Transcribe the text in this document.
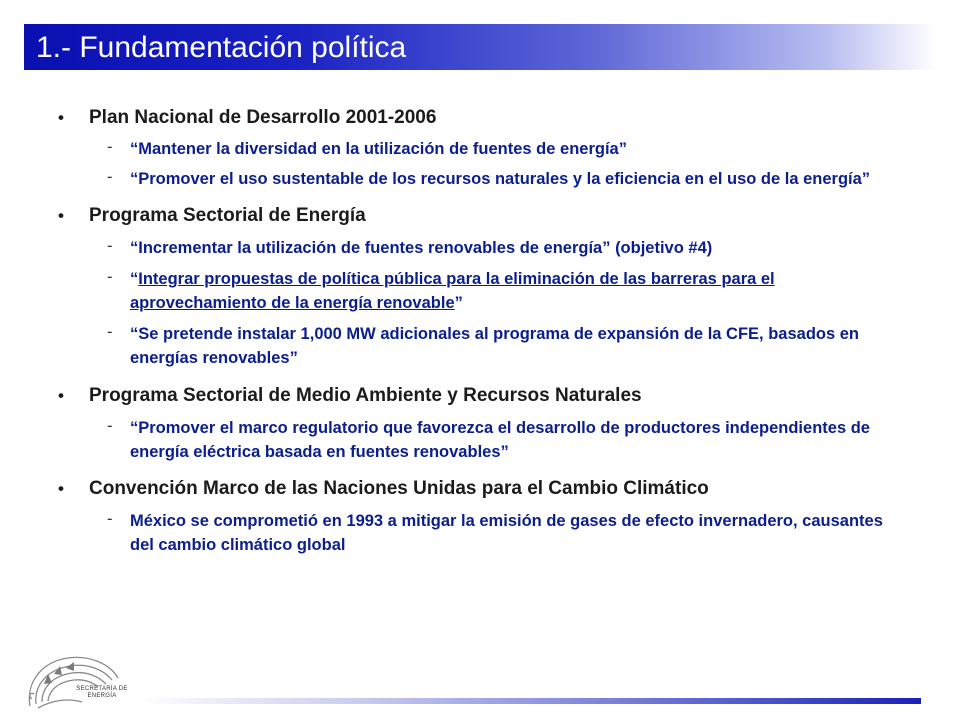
1.- Fundamentación política
• Plan Nacional de Desarrollo 2001-2006
- “Mantener la diversidad en la utilización de fuentes de energía”
- “Promover el uso sustentable de los recursos naturales y la eficiencia en el uso de la energía”
• Programa Sectorial de Energía
- “Incrementar la utilización de fuentes renovables de energía” (objetivo #4)
- “Integrar propuestas de política pública para la eliminación de las barreras para el aprovechamiento de la energía renovable”
- “Se pretende instalar 1,000 MW adicionales al programa de expansión de la CFE, basados en energías renovables”
• Programa Sectorial de Medio Ambiente y Recursos Naturales
- “Promover el marco regulatorio que favorezca el desarrollo de productores independientes de energía eléctrica basada en fuentes renovables”
• Convención Marco de las Naciones Unidas para el Cambio Climático
- México se comprometió en 1993 a mitigar la emisión de gases de efecto invernadero, causantes del cambio climático global
SECRETARÍA DE
ENERGÍA
